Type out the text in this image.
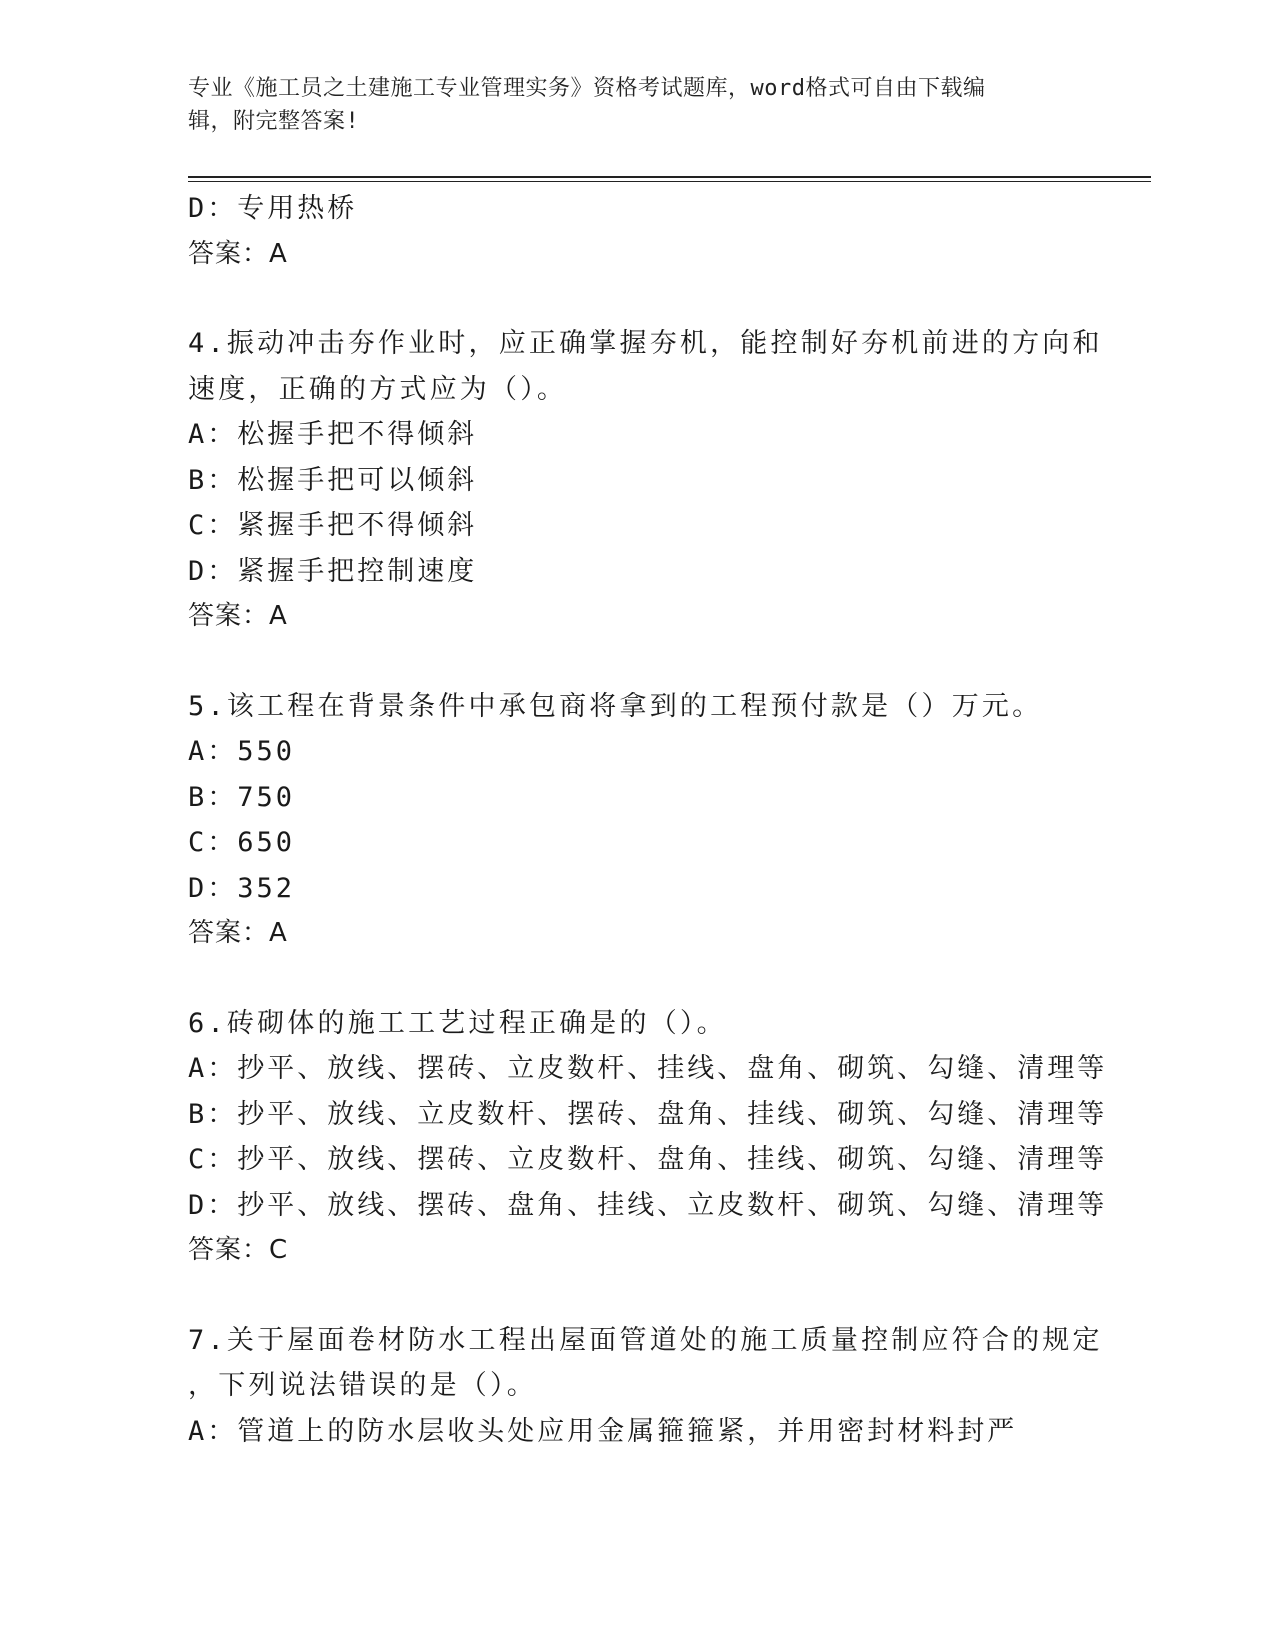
专业《施工员之土建施工专业管理实务》资格考试题库，word格式可自由下载编
辑，附完整答案!
D：专用热桥
答案：A
4.振动冲击夯作业时，应正确掌握夯机，能控制好夯机前进的方向和
速度，正确的方式应为（）。
A：松握手把不得倾斜
B：松握手把可以倾斜
C：紧握手把不得倾斜
D：紧握手把控制速度
答案：A
5.该工程在背景条件中承包商将拿到的工程预付款是（）万元。
A：550
B：750
C：650
D：352
答案：A
6.砖砌体的施工工艺过程正确是的（）。
A：抄平、放线、摆砖、立皮数杆、挂线、盘角、砌筑、勾缝、清理等
B：抄平、放线、立皮数杆、摆砖、盘角、挂线、砌筑、勾缝、清理等
C：抄平、放线、摆砖、立皮数杆、盘角、挂线、砌筑、勾缝、清理等
D：抄平、放线、摆砖、盘角、挂线、立皮数杆、砌筑、勾缝、清理等
答案：C
7.关于屋面卷材防水工程出屋面管道处的施工质量控制应符合的规定
，下列说法错误的是（）。
A：管道上的防水层收头处应用金属箍箍紧，并用密封材料封严
